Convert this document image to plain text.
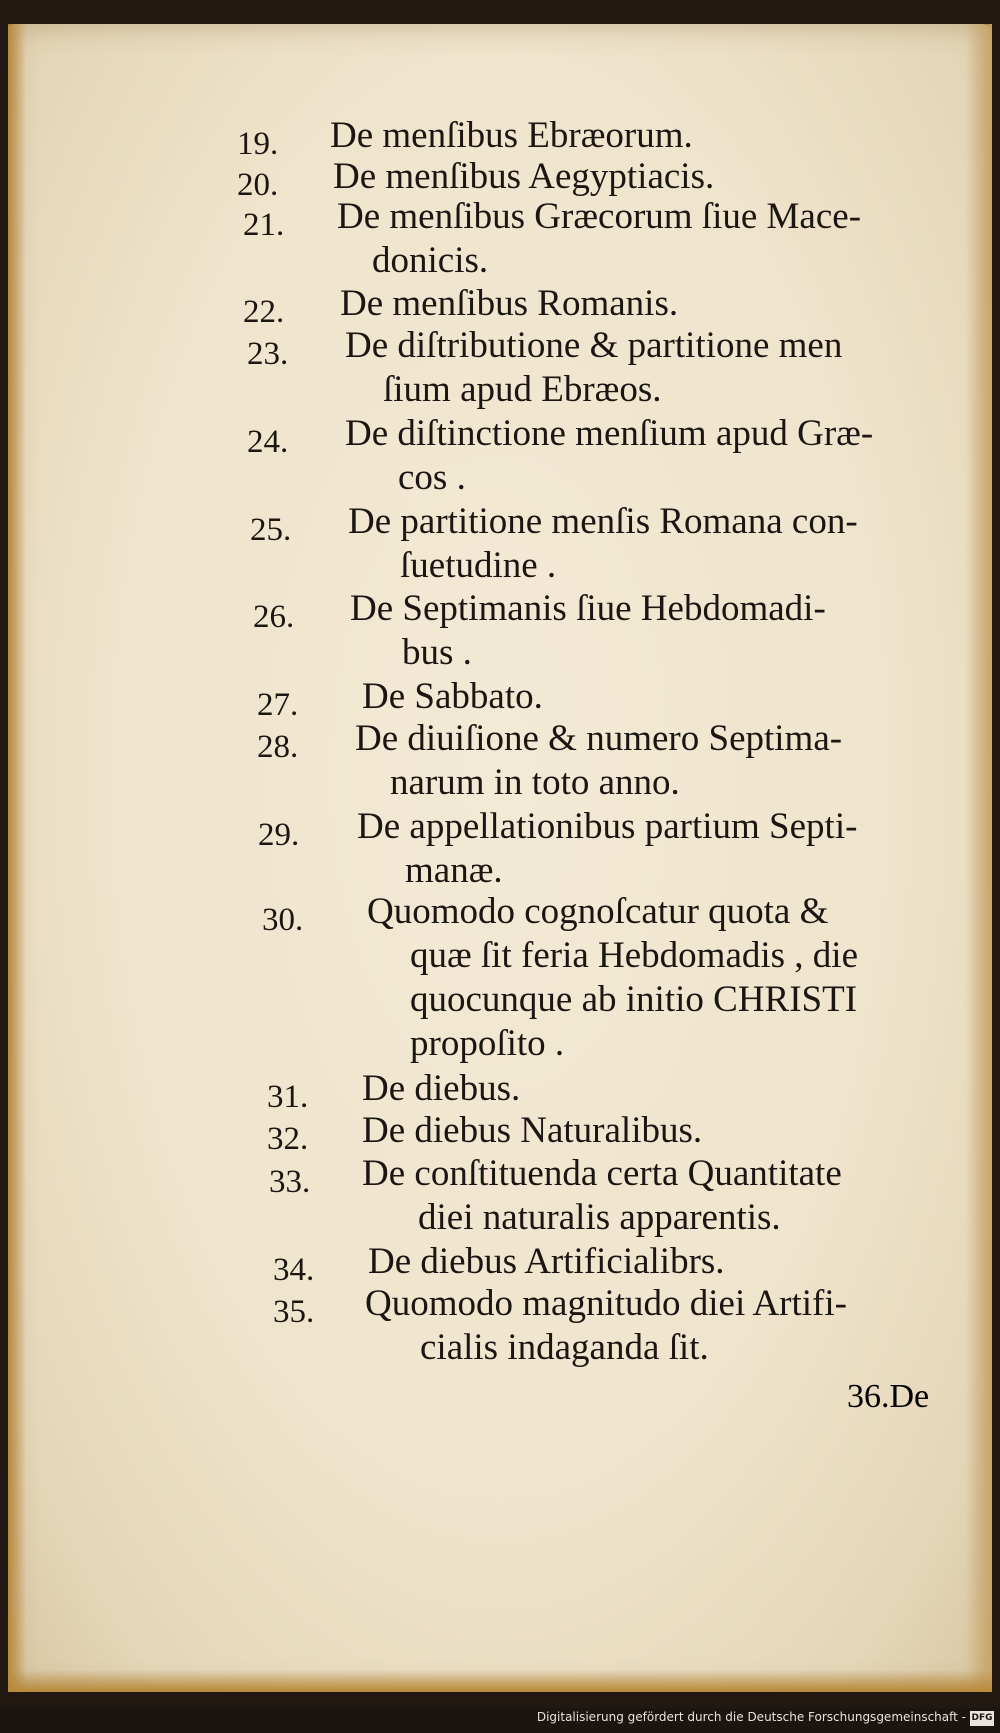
19. De menſibus Ebræorum.
20. De menſibus Aegyptiacis.
21. De menſibus Græcorum ſiue Mace-
donicis.
22. De menſibus Romanis.
23. De diſtributione & partitione men
ſium apud Ebræos.
24. De diſtinctione menſium apud Græ-
cos .
25. De partitione menſis Romana con-
ſuetudine .
26. De Septimanis ſiue Hebdomadi-
bus .
27. De Sabbato.
28. De diuiſione & numero Septima-
narum in toto anno.
29. De appellationibus partium Septi-
manæ.
30. Quomodo cognoſcatur quota &
quæ ſit feria Hebdomadis , die
quocunque ab initio CHRISTI
propoſito .
31. De diebus.
32. De diebus Naturalibus.
33. De conſtituenda certa Quantitate
diei naturalis apparentis.
34. De diebus Artificialibrs.
35. Quomodo magnitudo diei Artifi-
cialis indaganda ſit.
36.De
Digitalisierung gefördert durch die Deutsche Forschungsgemeinschaft - DFG
